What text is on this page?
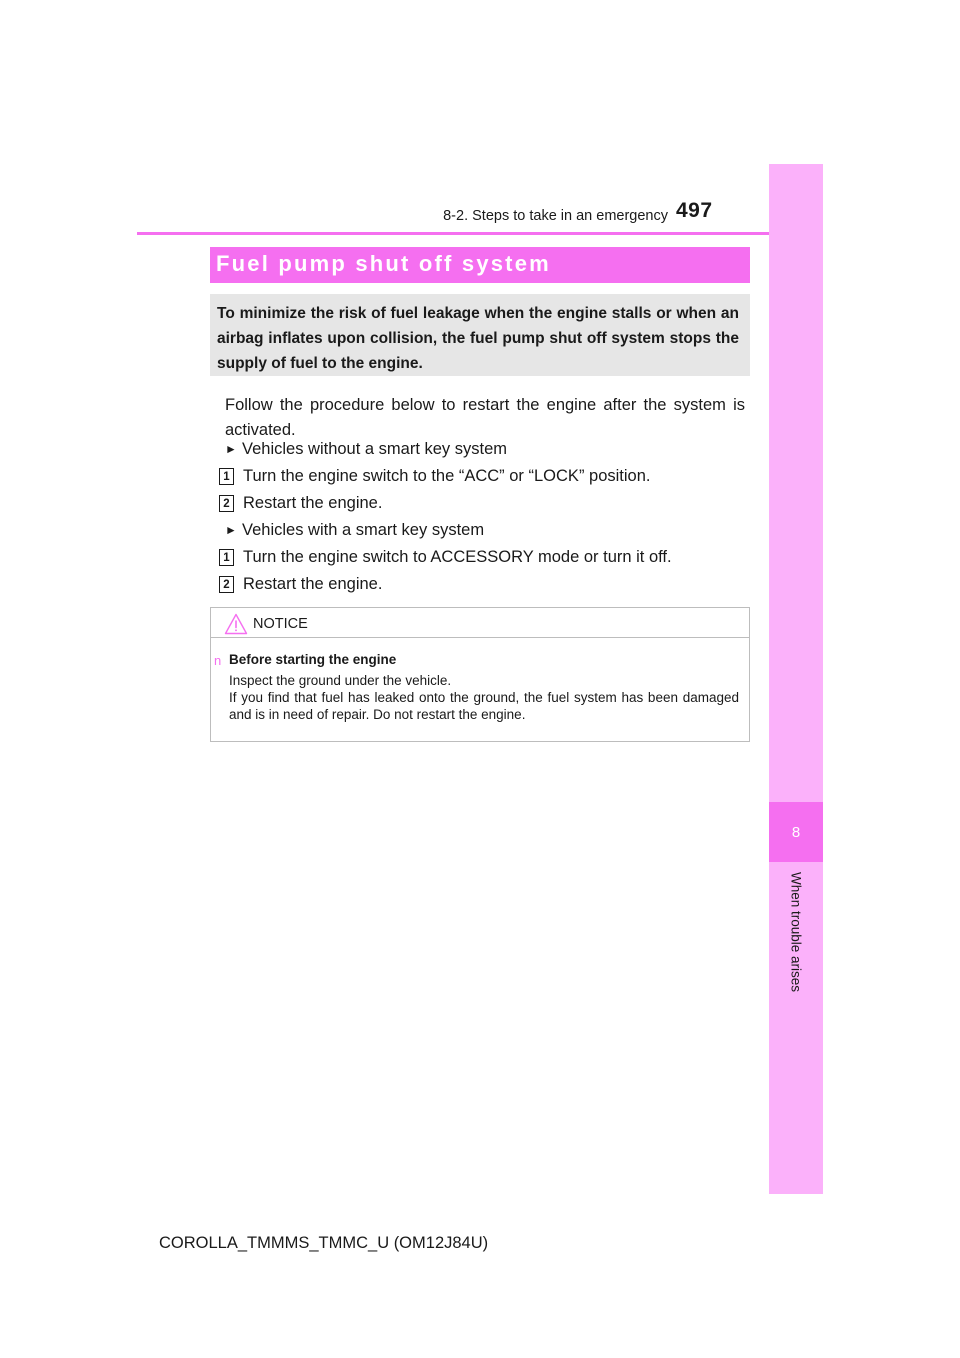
8-2. Steps to take in an emergency 497
8
When trouble arises
Fuel pump shut off system
To minimize the risk of fuel leakage when the engine stalls or when an airbag inflates upon collision, the fuel pump shut off system stops the supply of fuel to the engine.
Follow the procedure below to restart the engine after the system is activated.
► Vehicles without a smart key system
1 Turn the engine switch to the “ACC” or “LOCK” position.
2 Restart the engine.
► Vehicles with a smart key system
1 Turn the engine switch to ACCESSORY mode or turn it off.
2 Restart the engine.
NOTICE
n Before starting the engine

Inspect the ground under the vehicle.

If you find that fuel has leaked onto the ground, the fuel system has been damaged and is in need of repair. Do not restart the engine.

COROLLA_TMMMS_TMMC_U (OM12J84U)
